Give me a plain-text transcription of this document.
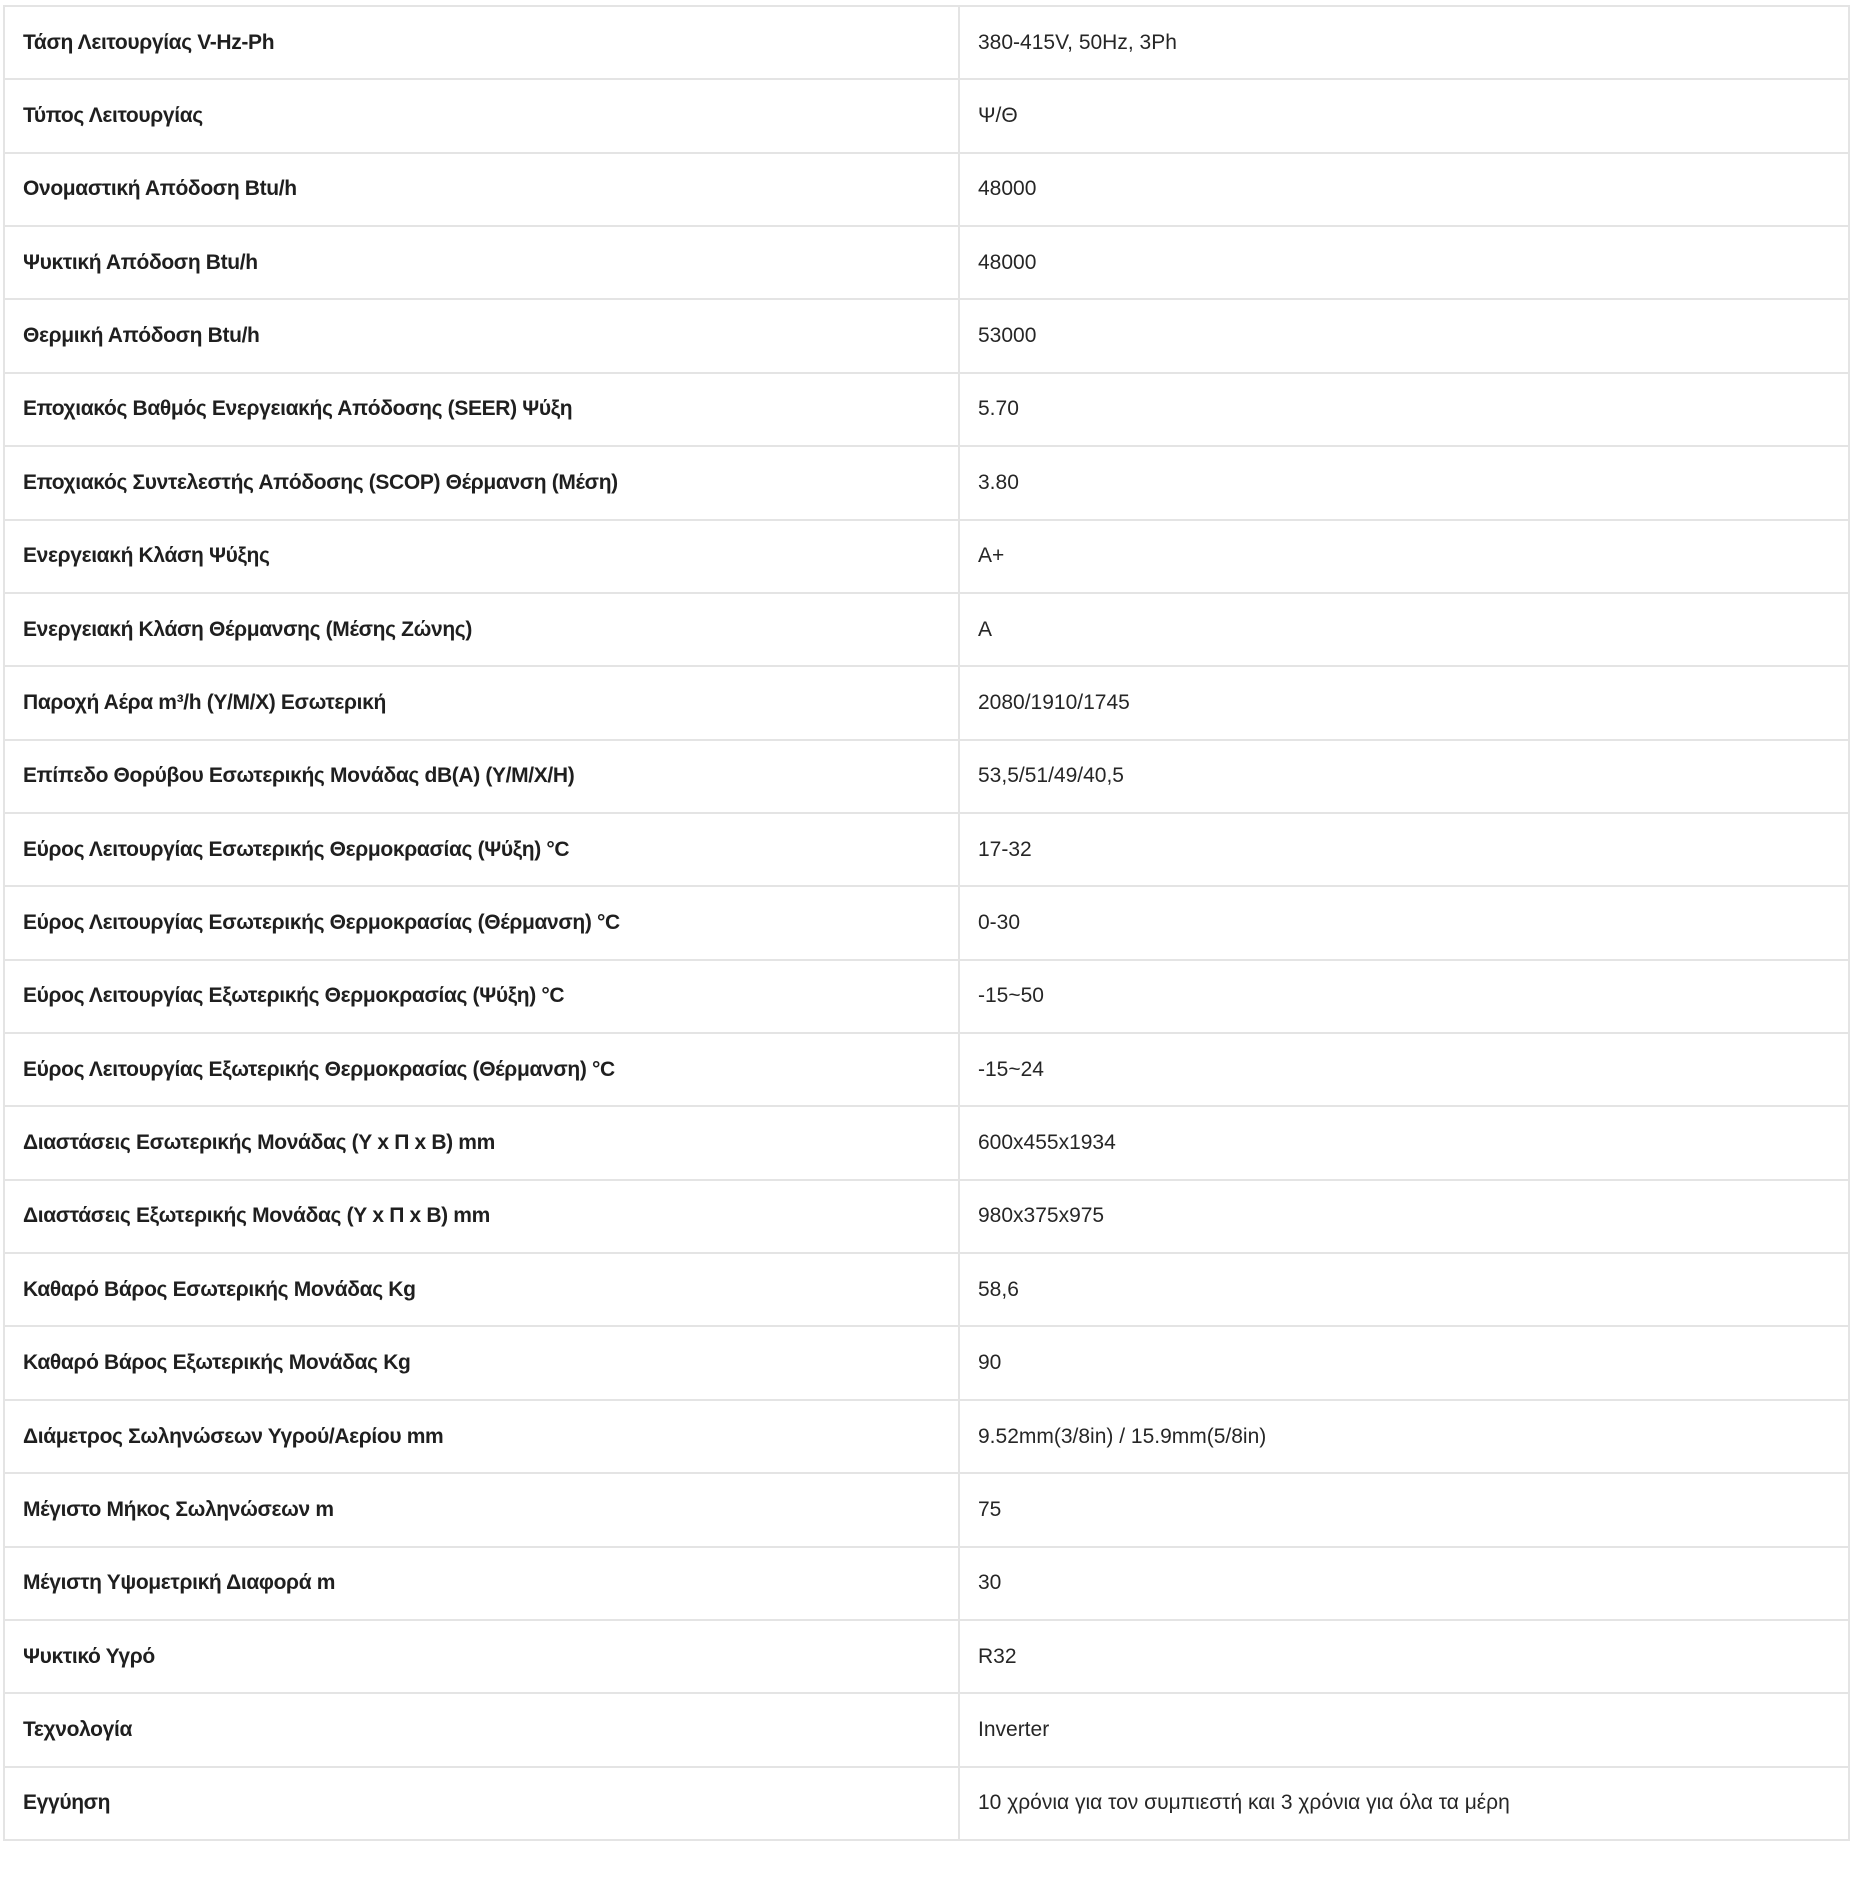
Τάση Λειτουργίας V-Hz-Ph	380-415V, 50Hz, 3Ph
Τύπος Λειτουργίας	Ψ/Θ
Ονομαστική Απόδοση Btu/h	48000
Ψυκτική Απόδοση Btu/h	48000
Θερμική Απόδοση Btu/h	53000
Εποχιακός Βαθμός Ενεργειακής Απόδοσης (SEER) Ψύξη	5.70
Εποχιακός Συντελεστής Απόδοσης (SCOP) Θέρμανση (Μέση)	3.80
Ενεργειακή Κλάση Ψύξης	A+
Ενεργειακή Κλάση Θέρμανσης (Μέσης Ζώνης)	A
Παροχή Αέρα m³/h (Υ/Μ/Χ) Εσωτερική	2080/1910/1745
Επίπεδο Θορύβου Εσωτερικής Μονάδας dB(A) (Υ/Μ/Χ/Η)	53,5/51/49/40,5
Εύρος Λειτουργίας Εσωτερικής Θερμοκρασίας (Ψύξη) °C	17-32
Εύρος Λειτουργίας Εσωτερικής Θερμοκρασίας (Θέρμανση) °C	0-30
Εύρος Λειτουργίας Εξωτερικής Θερμοκρασίας (Ψύξη) °C	-15~50
Εύρος Λειτουργίας Εξωτερικής Θερμοκρασίας (Θέρμανση) °C	-15~24
Διαστάσεις Εσωτερικής Μονάδας (Υ x Π x Β) mm	600x455x1934
Διαστάσεις Εξωτερικής Μονάδας (Υ x Π x Β) mm	980x375x975
Καθαρό Βάρος Εσωτερικής Μονάδας Kg	58,6
Καθαρό Βάρος Εξωτερικής Μονάδας Kg	90
Διάμετρος Σωληνώσεων Υγρού/Αερίου mm	9.52mm(3/8in) / 15.9mm(5/8in)
Μέγιστο Μήκος Σωληνώσεων m	75
Μέγιστη Υψομετρική Διαφορά m	30
Ψυκτικό Υγρό	R32
Τεχνολογία	Inverter
Εγγύηση	10 χρόνια για τον συμπιεστή και 3 χρόνια για όλα τα μέρη
